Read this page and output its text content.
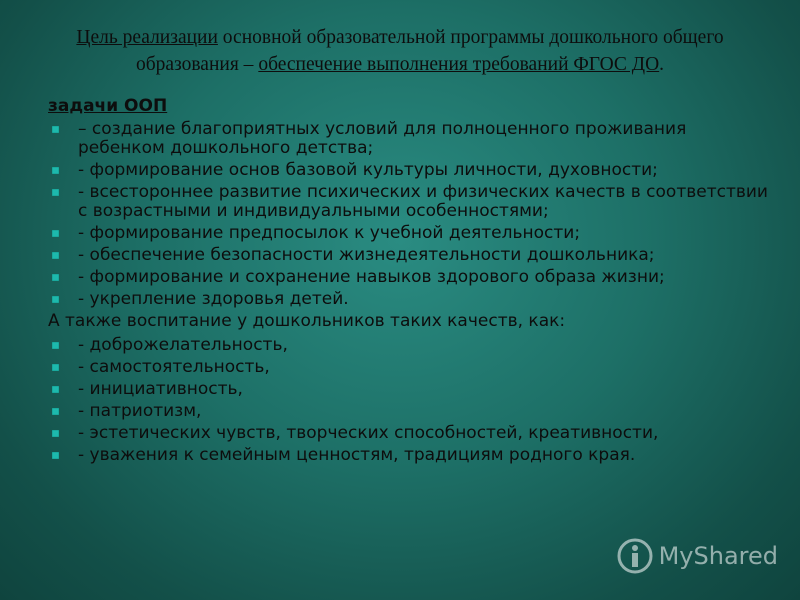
Цель реализации основной образовательной программы дошкольного общего образования – обеспечение выполнения требований ФГОС ДО.
задачи ООП
– создание благоприятных условий для полноценного проживания ребенком дошкольного детства;
- формирование основ базовой культуры личности, духовности;
- всестороннее развитие психических и физических качеств в соответствии с возрастными и индивидуальными особенностями;
- формирование предпосылок к учебной деятельности;
- обеспечение безопасности жизнедеятельности дошкольника;
- формирование и сохранение навыков здорового образа жизни;
- укрепление здоровья детей.
А также воспитание у дошкольников таких качеств, как:
- доброжелательность,
- самостоятельность,
- инициативность,
- патриотизм,
- эстетических чувств, творческих способностей, креативности,
- уважения к семейным ценностям, традициям родного края.
MyShared
